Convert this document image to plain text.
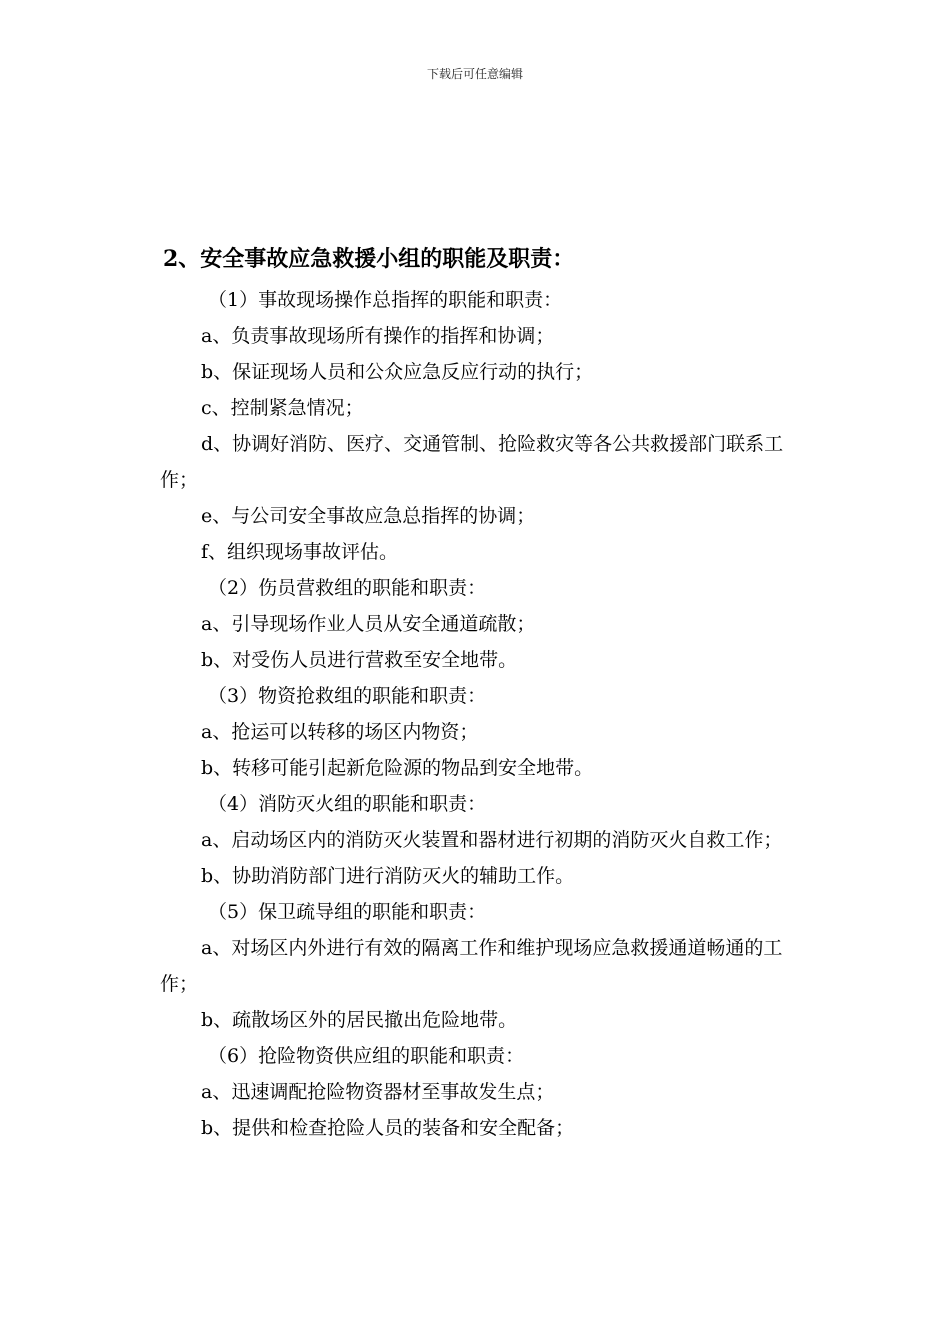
下载后可任意编辑
2、安全事故应急救援小组的职能及职责：

（1）事故现场操作总指挥的职能和职责：

a、负责事故现场所有操作的指挥和协调；

b、保证现场人员和公众应急反应行动的执行；

c、控制紧急情况；

d、协调好消防、医疗、交通管制、抢险救灾等各公共救援部门联系工作；

e、与公司安全事故应急总指挥的协调；

f、组织现场事故评估。

（2）伤员营救组的职能和职责：

a、引导现场作业人员从安全通道疏散；

b、对受伤人员进行营救至安全地带。

（3）物资抢救组的职能和职责：

a、抢运可以转移的场区内物资；

b、转移可能引起新危险源的物品到安全地带。

（4）消防灭火组的职能和职责：

a、启动场区内的消防灭火装置和器材进行初期的消防灭火自救工作；

b、协助消防部门进行消防灭火的辅助工作。

（5）保卫疏导组的职能和职责：

a、对场区内外进行有效的隔离工作和维护现场应急救援通道畅通的工作；

b、疏散场区外的居民撤出危险地带。

（6）抢险物资供应组的职能和职责：

a、迅速调配抢险物资器材至事故发生点；

b、提供和检查抢险人员的装备和安全配备；
